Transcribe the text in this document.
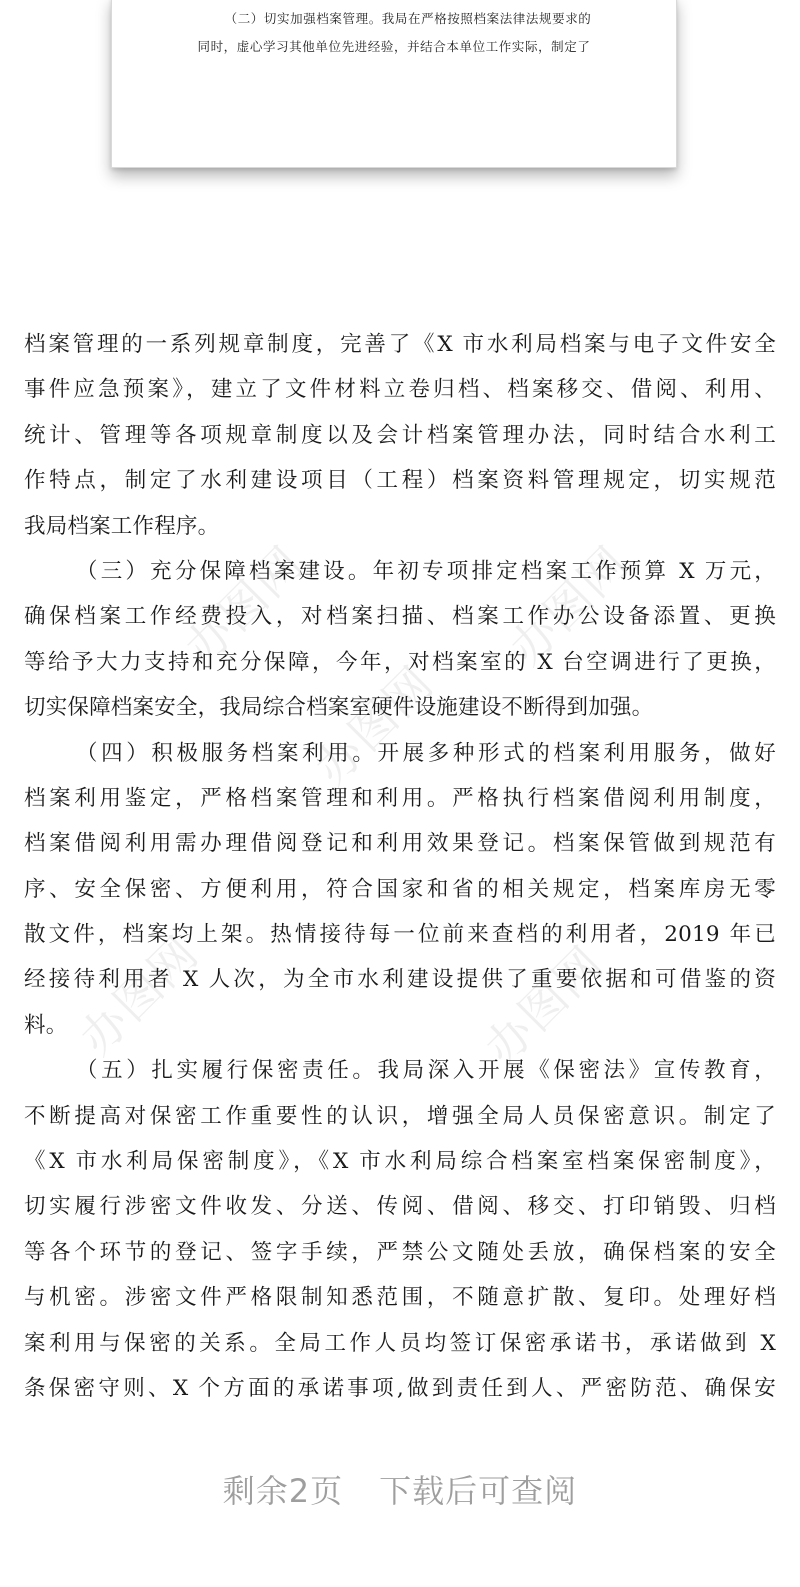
（二）切实加强档案管理。我局在严格按照档案法律法规要求的
同时，虚心学习其他单位先进经验，并结合本单位工作实际，制定了
办图网	办图网
办图网
办图网	办图网
档案管理的一系列规章制度，完善了《X 市水利局档案与电子文件安全
事件应急预案》，建立了文件材料立卷归档、档案移交、借阅、利用、
统计、管理等各项规章制度以及会计档案管理办法，同时结合水利工
作特点，制定了水利建设项目（工程）档案资料管理规定，切实规范
我局档案工作程序。
（三）充分保障档案建设。年初专项排定档案工作预算 X 万元，
确保档案工作经费投入，对档案扫描、档案工作办公设备添置、更换
等给予大力支持和充分保障，今年，对档案室的 X 台空调进行了更换，
切实保障档案安全，我局综合档案室硬件设施建设不断得到加强。
（四）积极服务档案利用。开展多种形式的档案利用服务，做好
档案利用鉴定，严格档案管理和利用。严格执行档案借阅利用制度，
档案借阅利用需办理借阅登记和利用效果登记。档案保管做到规范有
序、安全保密、方便利用，符合国家和省的相关规定，档案库房无零
散文件，档案均上架。热情接待每一位前来查档的利用者，2019 年已
经接待利用者 X 人次，为全市水利建设提供了重要依据和可借鉴的资
料。
（五）扎实履行保密责任。我局深入开展《保密法》宣传教育，
不断提高对保密工作重要性的认识，增强全局人员保密意识。制定了
《X 市水利局保密制度》，《X 市水利局综合档案室档案保密制度》，
切实履行涉密文件收发、分送、传阅、借阅、移交、打印销毁、归档
等各个环节的登记、签字手续，严禁公文随处丢放，确保档案的安全
与机密。涉密文件严格限制知悉范围，不随意扩散、复印。处理好档
案利用与保密的关系。全局工作人员均签订保密承诺书，承诺做到 X
条保密守则、X 个方面的承诺事项,做到责任到人、严密防范、确保安
剩余2页 下载后可查阅
